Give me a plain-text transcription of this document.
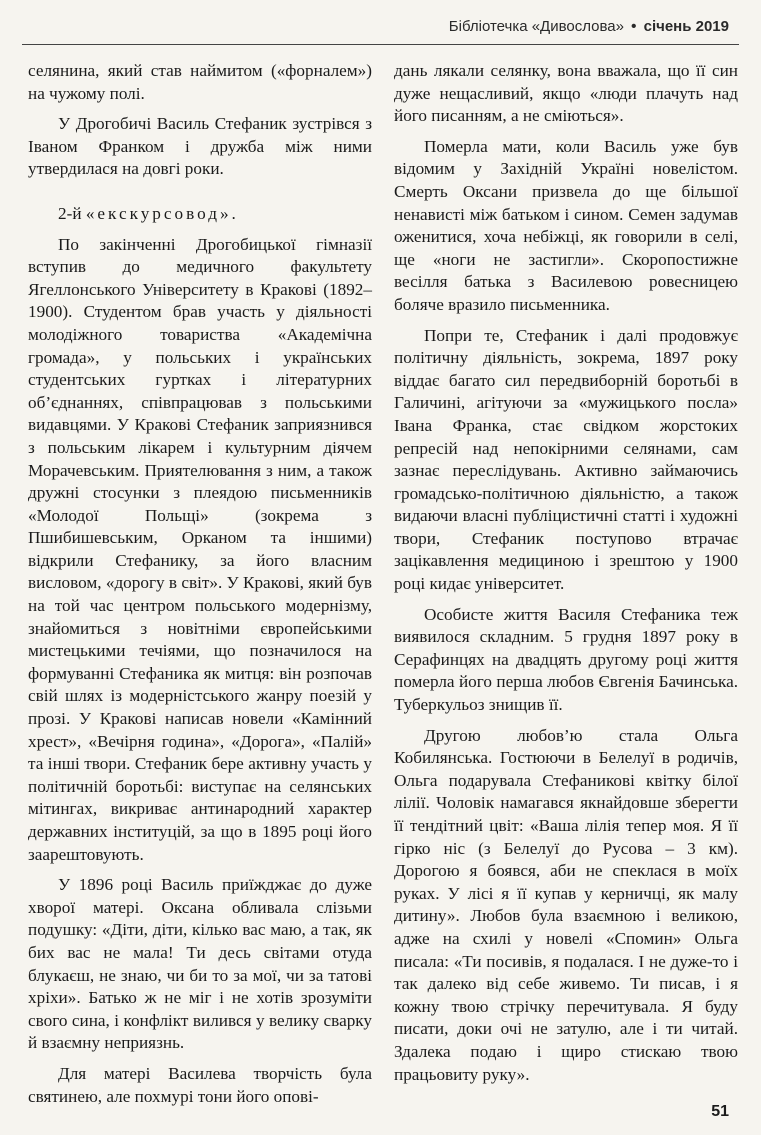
Бібліотечка «Дивослова» • січень 2019

селянина, який став наймитом («форналем») на чужому полі.

У Дрогобичі Василь Стефаник зустрівся з Іваном Франком і дружба між ними утвердилася на довгі роки.

2-й «екскурсовод».

По закінченні Дрогобицької гімназії вступив до медичного факультету Ягеллонського Університету в Кракові (1892–1900). Студентом брав участь у діяльності молодіжного товариства «Академічна громада», у польських і українських студентських гуртках і літературних об’єднаннях, співпрацював з польськими видавцями. У Кракові Стефаник заприязнився з польським лікарем і культурним діячем Морачевським. Приятелювання з ним, а також дружні стосунки з плеядою письменників «Молодої Польщі» (зокрема з Пшибишевським, Орканом та іншими) відкрили Стефанику, за його власним висловом, «дорогу в світ». У Кракові, який був на той час центром польського модернізму, знайомиться з новітніми європейськими мистецькими течіями, що позначилося на формуванні Стефаника як митця: він розпочав свій шлях із модерністського жанру поезій у прозі. У Кракові написав новели «Камінний хрест», «Вечірня година», «Дорога», «Палій» та інші твори. Стефаник бере активну участь у політичній боротьбі: виступає на селянських мітингах, викриває антинародний характер державних інституцій, за що в 1895 році його заарештовують.

У 1896 році Василь приїжджає до дуже хворої матері. Оксана обливала слізьми подушку: «Діти, діти, кілько вас маю, а так, як бих вас не мала! Ти десь світами отуда блукаєш, не знаю, чи би то за мої, чи за татові хріхи». Батько ж не міг і не хотів зрозуміти свого сина, і конфлікт вилився у велику сварку й взаємну неприязнь.

Для матері Василева творчість була святинею, але похмурі тони його опові-

дань лякали селянку, вона вважала, що її син дуже нещасливий, якщо «люди плачуть над його писанням, а не сміються».

Померла мати, коли Василь уже був відомим у Західній Україні новелістом. Смерть Оксани призвела до ще більшої ненависті між батьком і сином. Семен задумав оженитися, хоча небіжці, як говорили в селі, ще «ноги не застигли». Скоропостижне весілля батька з Василевою ровесницею боляче вразило письменника.

Попри те, Стефаник і далі продовжує політичну діяльність, зокрема, 1897 року віддає багато сил передвиборній боротьбі в Галичині, агітуючи за «мужицького посла» Івана Франка, стає свідком жорстоких репресій над непокірними селянами, сам зазнає переслідувань. Активно займаючись громадсько-політичною діяльністю, а також видаючи власні публіцистичні статті і художні твори, Стефаник поступово втрачає зацікавлення медициною і зрештою у 1900 році кидає університет.

Особисте життя Василя Стефаника теж виявилося складним. 5 грудня 1897 року в Серафинцях на двадцять другому році життя померла його перша любов Євгенія Бачинська. Туберкульоз знищив її.

Другою любов’ю стала Ольга Кобилянська. Гостюючи в Белелуї в родичів, Ольга подарувала Стефаникові квітку білої лілії. Чоловік намагався якнайдовше зберегти її тендітний цвіт: «Ваша лілія тепер моя. Я її гірко ніс (з Белелуї до Русова – 3 км). Дорогою я боявся, аби не спеклася в моїх руках. У лісі я її купав у керничці, як малу дитину». Любов була взаємною і великою, адже на схилі у новелі «Спомин» Ольга писала: «Ти посивів, я подалася. І не дуже-то і так далеко від себе живемо. Ти писав, і я кожну твою стрічку перечитувала. Я буду писати, доки очі не затулю, але і ти читай. Здалека подаю і щиро стискаю твою працьовиту руку».

51
